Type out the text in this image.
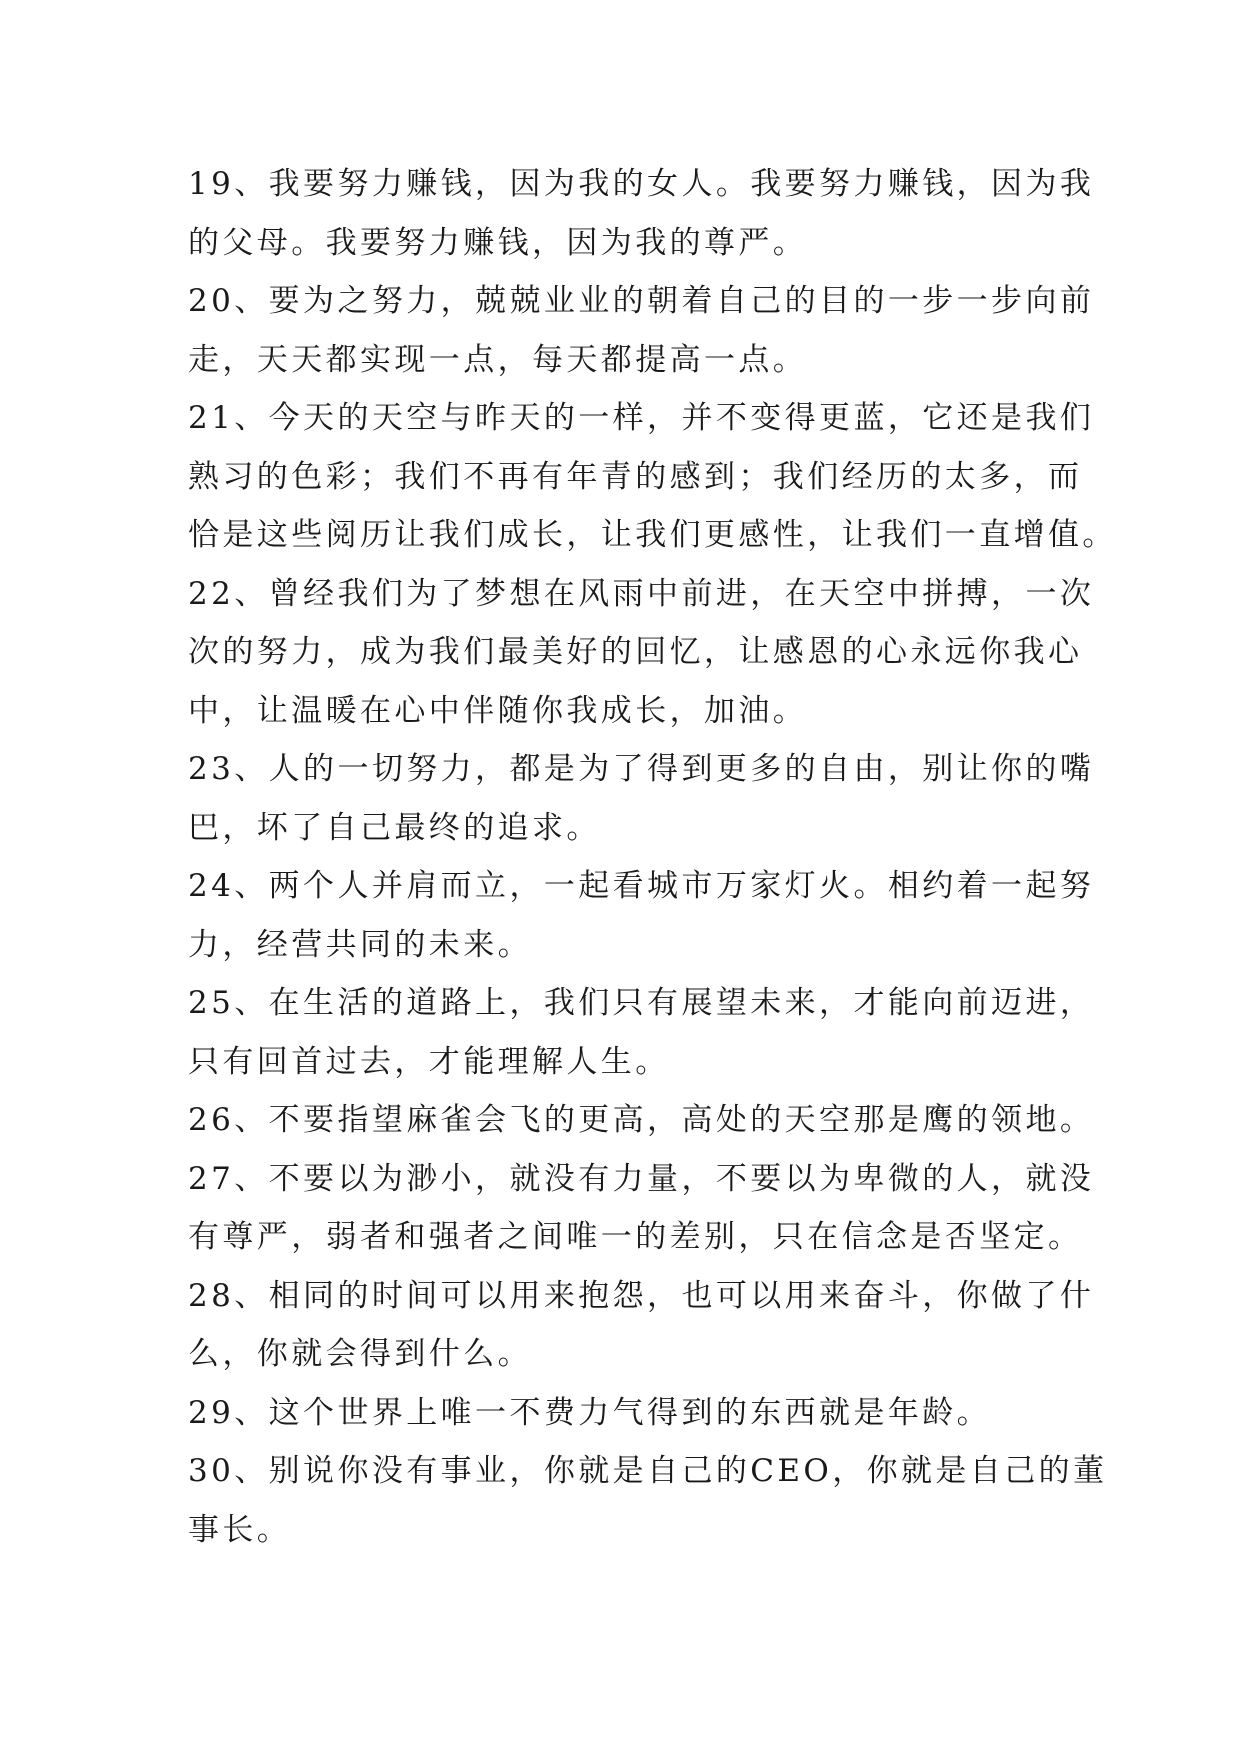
19、我要努力赚钱，因为我的女人。我要努力赚钱，因为我
的父母。我要努力赚钱，因为我的尊严。
20、要为之努力，兢兢业业的朝着自己的目的一步一步向前
走，天天都实现一点，每天都提高一点。
21、今天的天空与昨天的一样，并不变得更蓝，它还是我们
熟习的色彩；我们不再有年青的感到；我们经历的太多，而
恰是这些阅历让我们成长，让我们更感性，让我们一直增值。
22、曾经我们为了梦想在风雨中前进，在天空中拼搏，一次
次的努力，成为我们最美好的回忆，让感恩的心永远你我心
中，让温暖在心中伴随你我成长，加油。
23、人的一切努力，都是为了得到更多的自由，别让你的嘴
巴，坏了自己最终的追求。
24、两个人并肩而立，一起看城市万家灯火。相约着一起努
力，经营共同的未来。
25、在生活的道路上，我们只有展望未来，才能向前迈进，
只有回首过去，才能理解人生。
26、不要指望麻雀会飞的更高，高处的天空那是鹰的领地。
27、不要以为渺小，就没有力量，不要以为卑微的人，就没
有尊严，弱者和强者之间唯一的差别，只在信念是否坚定。
28、相同的时间可以用来抱怨，也可以用来奋斗，你做了什
么，你就会得到什么。
29、这个世界上唯一不费力气得到的东西就是年龄。
30、别说你没有事业，你就是自己的CEO，你就是自己的董
事长。
